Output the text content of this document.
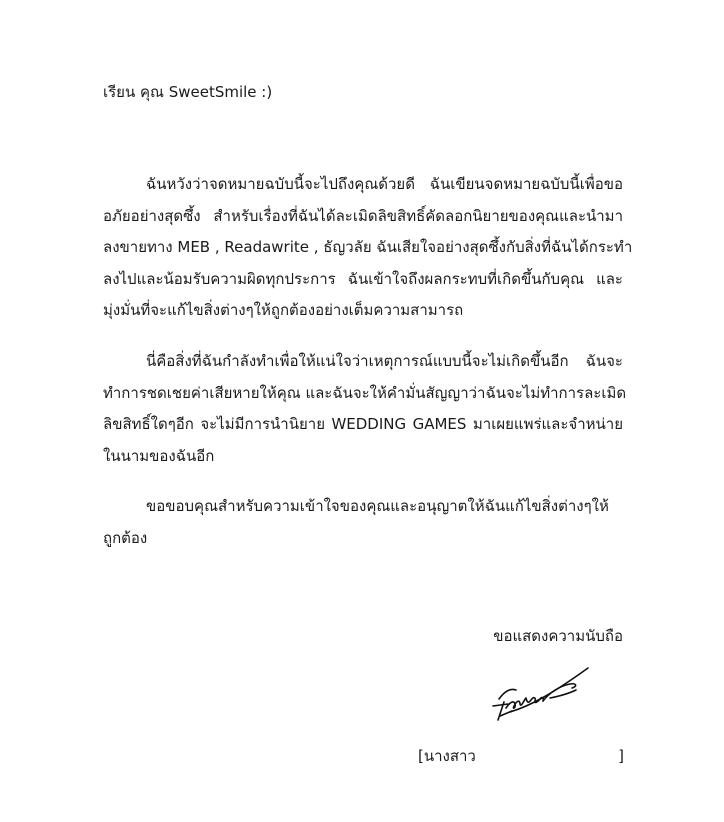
เรียน คุณ SweetSmile :)
ฉันหวังว่าจดหมายฉบับนี้จะไปถึงคุณด้วยดี ฉันเขียนจดหมายฉบับนี้เพื่อขอ
อภัยอย่างสุดซึ้ง สำหรับเรื่องที่ฉันได้ละเมิดลิขสิทธิ์คัดลอกนิยายของคุณและนำมา
ลงขายทาง MEB , Readawrite , ธัญวลัย ฉันเสียใจอย่างสุดซึ้งกับสิ่งที่ฉันได้กระทำ
ลงไปและน้อมรับความผิดทุกประการ ฉันเข้าใจถึงผลกระทบที่เกิดขึ้นกับคุณ และ
มุ่งมั่นที่จะแก้ไขสิ่งต่างๆให้ถูกต้องอย่างเต็มความสามารถ
นี่คือสิ่งที่ฉันกำลังทำเพื่อให้แน่ใจว่าเหตุการณ์แบบนี้จะไม่เกิดขึ้นอีก ฉันจะ
ทำการชดเชยค่าเสียหายให้คุณ และฉันจะให้คำมั่นสัญญาว่าฉันจะไม่ทำการละเมิด
ลิขสิทธิ์ใดๆอีก จะไม่มีการนำนิยาย WEDDING GAMES มาเผยแพร่และจำหน่าย
ในนามของฉันอีก
ขอขอบคุณสำหรับความเข้าใจของคุณและอนุญาตให้ฉันแก้ไขสิ่งต่างๆให้
ถูกต้อง
ขอแสดงความนับถือ
[นางสาว	]
